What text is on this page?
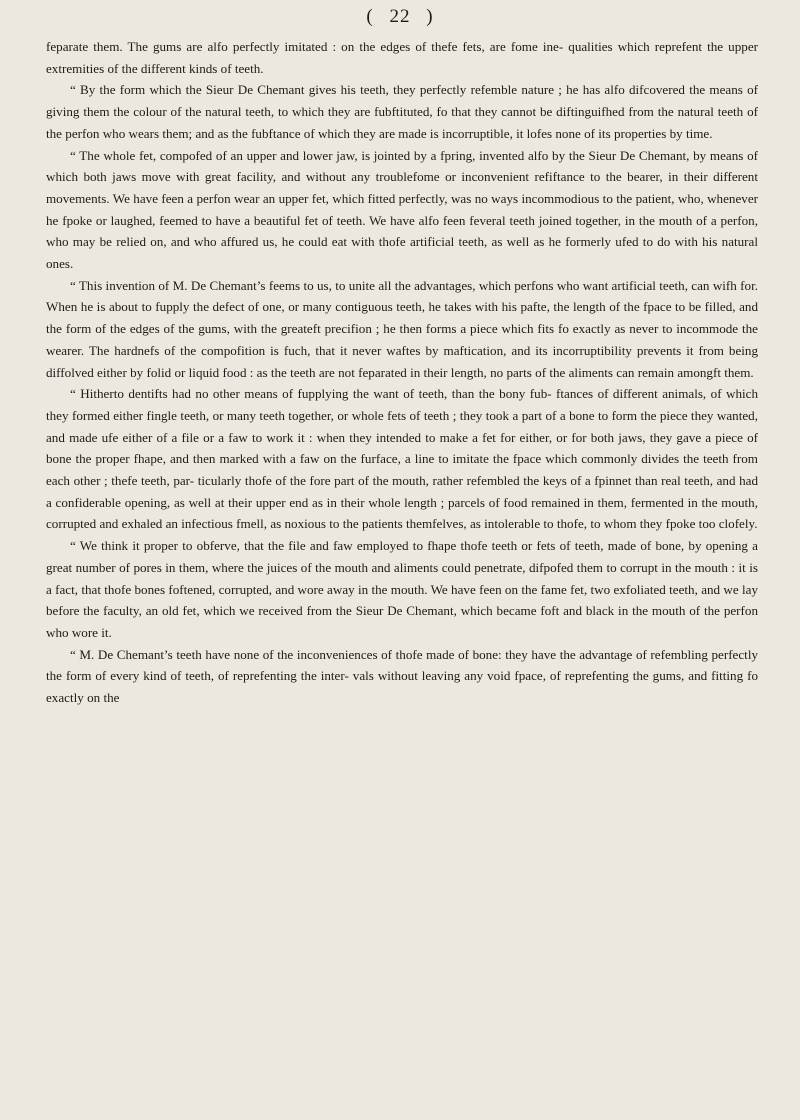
( 22 )

feparate them. The gums are alfo perfectly imitated : on the edges of thefe fets, are fome ine- qualities which reprefent the upper extremities of the different kinds of teeth.

“ By the form which the Sieur De Chemant gives his teeth, they perfectly refemble nature ; he has alfo difcovered the means of giving them the colour of the natural teeth, to which they are fubftituted, fo that they cannot be diftinguifhed from the natural teeth of the perfon who wears them; and as the fubftance of which they are made is incorruptible, it lofes none of its properties by time.

“ The whole fet, compofed of an upper and lower jaw, is jointed by a fpring, invented alfo by the Sieur De Chemant, by means of which both jaws move with great facility, and without any troublefome or inconvenient refiftance to the bearer, in their different movements. We have feen a perfon wear an upper fet, which fitted perfectly, was no ways incommodious to the patient, who, whenever he fpoke or laughed, feemed to have a beautiful fet of teeth. We have alfo feen feveral teeth joined together, in the mouth of a perfon, who may be relied on, and who affured us, he could eat with thofe artificial teeth, as well as he formerly ufed to do with his natural ones.

“ This invention of M. De Chemant’s feems to us, to unite all the advantages, which perfons who want artificial teeth, can wifh for. When he is about to fupply the defect of one, or many contiguous teeth, he takes with his pafte, the length of the fpace to be filled, and the form of the edges of the gums, with the greateft precifion ; he then forms a piece which fits fo exactly as never to incommode the wearer. The hardnefs of the compofition is fuch, that it never waftes by maftication, and its incorruptibility prevents it from being diffolved either by folid or liquid food : as the teeth are not feparated in their length, no parts of the aliments can remain amongft them.

“ Hitherto dentifts had no other means of fupplying the want of teeth, than the bony fub- ftances of different animals, of which they formed either fingle teeth, or many teeth together, or whole fets of teeth ; they took a part of a bone to form the piece they wanted, and made ufe either of a file or a faw to work it : when they intended to make a fet for either, or for both jaws, they gave a piece of bone the proper fhape, and then marked with a faw on the furface, a line to imitate the fpace which commonly divides the teeth from each other ; thefe teeth, par- ticularly thofe of the fore part of the mouth, rather refembled the keys of a fpinnet than real teeth, and had a confiderable opening, as well at their upper end as in their whole length ; parcels of food remained in them, fermented in the mouth, corrupted and exhaled an infectious fmell, as noxious to the patients themfelves, as intolerable to thofe, to whom they fpoke too clofely.

“ We think it proper to obferve, that the file and faw employed to fhape thofe teeth or fets of teeth, made of bone, by opening a great number of pores in them, where the juices of the mouth and aliments could penetrate, difpofed them to corrupt in the mouth : it is a fact, that thofe bones foftened, corrupted, and wore away in the mouth. We have feen on the fame fet, two exfoliated teeth, and we lay before the faculty, an old fet, which we received from the Sieur De Chemant, which became foft and black in the mouth of the perfon who wore it.

“ M. De Chemant’s teeth have none of the inconveniences of thofe made of bone: they have the advantage of refembling perfectly the form of every kind of teeth, of reprefenting the inter- vals without leaving any void fpace, of reprefenting the gums, and fitting fo exactly on the
